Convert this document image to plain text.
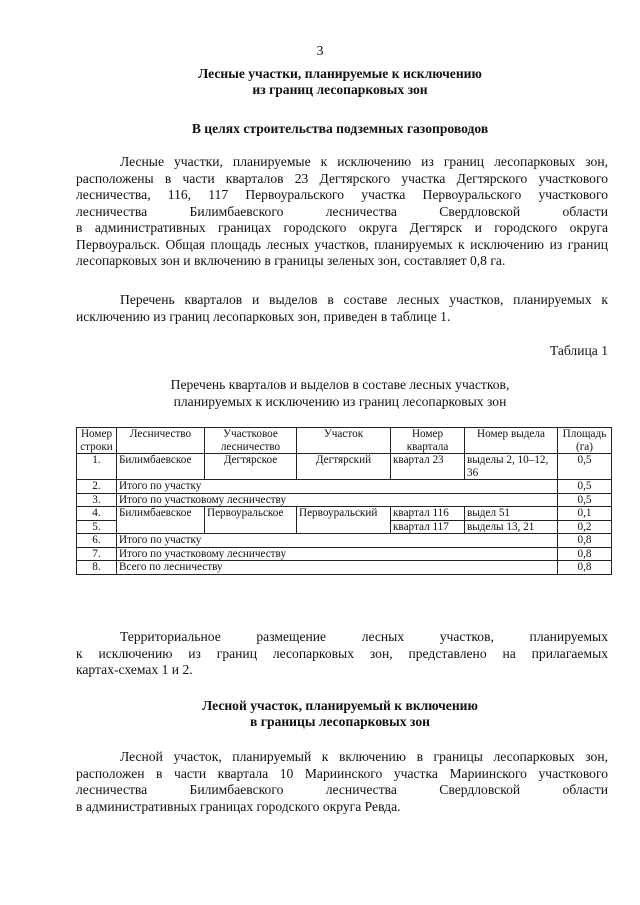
3
Лесные участки, планируемые к исключению
из границ лесопарковых зон
В целях строительства подземных газопроводов

Лесные участки, планируемые к исключению из границ лесопарковых зон,

расположены в части кварталов 23 Дегтярского участка Дегтярского участкового
лесничества, 116, 117 Первоуральского участка Первоуральского участкового
лесничества Билимбаевского лесничества Свердловской области

в административных границах городского округа Дегтярск и городского округа Первоуральск. Общая площадь лесных участков, планируемых к исключению из границ лесопарковых зон и включению в границы зеленых зон, составляет 0,8 га.

Перечень кварталов и выделов в составе лесных участков, планируемых к исключению из границ лесопарковых зон, приведен в таблице 1.

Таблица 1
Перечень кварталов и выделов в составе лесных участков,
планируемых к исключению из границ лесопарковых зон
Номер строки	Лесничество	Участковое лесничество	Участок	Номер квартала	Номер выдела	Площадь (га)
1.	Билимбаевское	Дегтярское	Дегтярский	квартал 23	выделы 2, 10–12, 36	0,5
2.	Итого по участку					0,5
3.	Итого по участковому лесничеству					0,5
4.	Билимбаевское	Первоуральское	Первоуральский	квартал 116	выдел 51	0,1
5.				квартал 117	выделы 13, 21	0,2
6.	Итого по участку					0,8
7.	Итого по участковому лесничеству					0,8
8.	Всего по лесничеству					0,8
Территориальное размещение лесных участков, планируемых
к исключению из границ лесопарковых зон, представлено на прилагаемых
картах-схемах 1 и 2.
Лесной участок, планируемый к включению
в границы лесопарковых зон
Лесной участок, планируемый к включению в границы лесопарковых зон,
расположен в части квартала 10 Мариинского участка Мариинского участкового
лесничества Билимбаевского лесничества Свердловской области
в административных границах городского округа Ревда.
